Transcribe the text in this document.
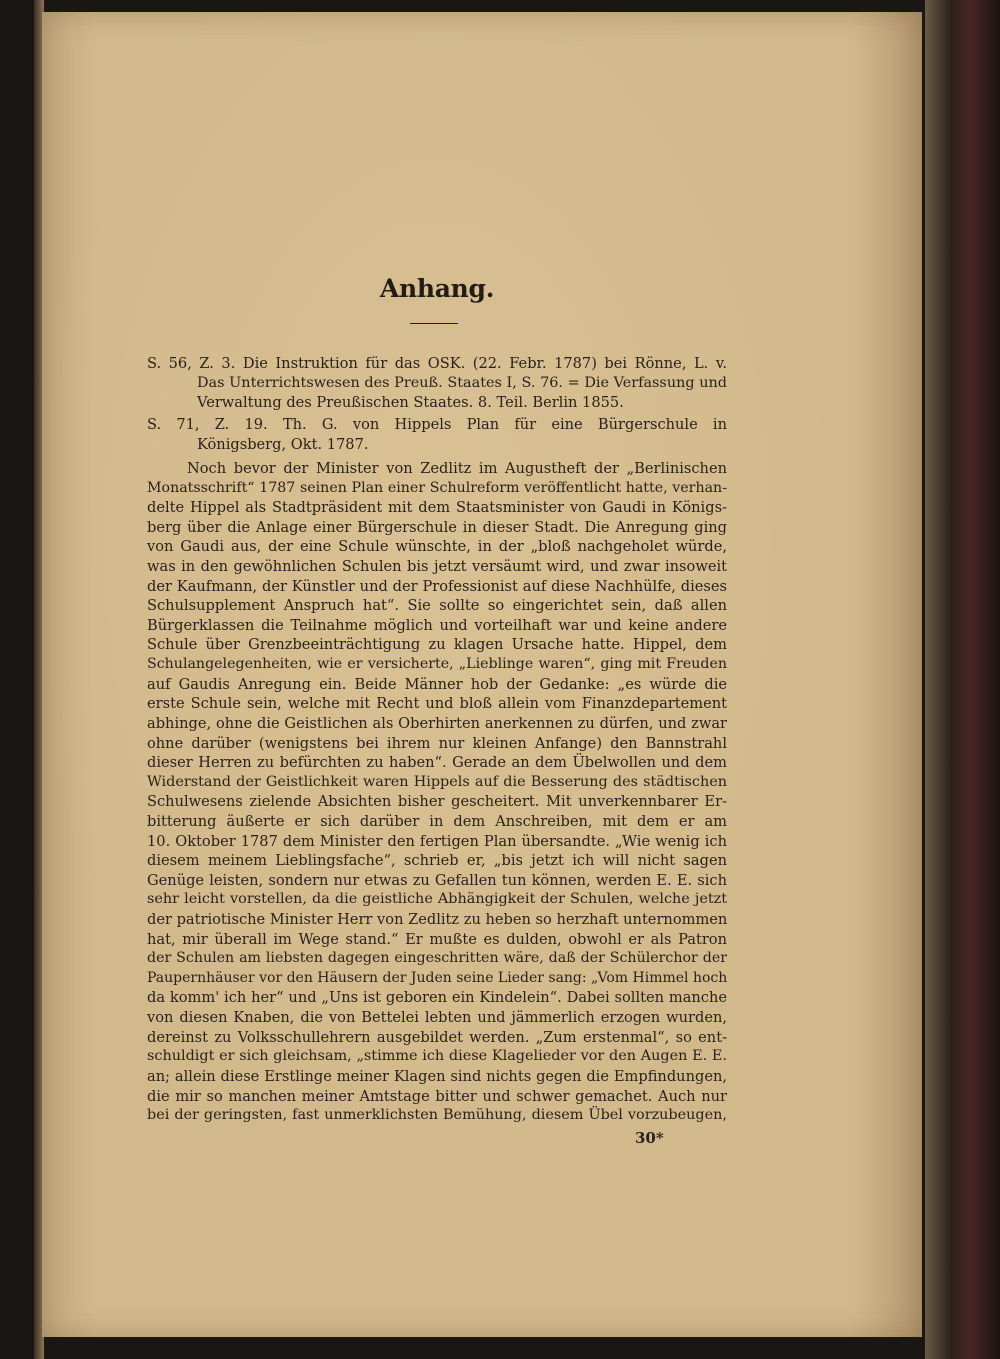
Anhang.
S. 56, Z. 3. Die Instruktion für das OSK. (22. Febr. 1787) bei Rönne, L. v.
Das Unterrichtswesen des Preuß. Staates I, S. 76. = Die Verfassung und
Verwaltung des Preußischen Staates. 8. Teil. Berlin 1855.
S. 71, Z. 19. Th. G. von Hippels Plan für eine Bürgerschule in
Königsberg, Okt. 1787.
Noch bevor der Minister von Zedlitz im Augustheft der „Berlinischen
Monatsschrift“ 1787 seinen Plan einer Schulreform veröffentlicht hatte, verhan-
delte Hippel als Stadtpräsident mit dem Staatsminister von Gaudi in Königs-
berg über die Anlage einer Bürgerschule in dieser Stadt. Die Anregung ging
von Gaudi aus, der eine Schule wünschte, in der „bloß nachgeholet würde,
was in den gewöhnlichen Schulen bis jetzt versäumt wird, und zwar insoweit
der Kaufmann, der Künstler und der Professionist auf diese Nachhülfe, dieses
Schulsupplement Anspruch hat“. Sie sollte so eingerichtet sein, daß allen
Bürgerklassen die Teilnahme möglich und vorteilhaft war und keine andere
Schule über Grenzbeeinträchtigung zu klagen Ursache hatte. Hippel, dem
Schulangelegenheiten, wie er versicherte, „Lieblinge waren“, ging mit Freuden
auf Gaudis Anregung ein. Beide Männer hob der Gedanke: „es würde die
erste Schule sein, welche mit Recht und bloß allein vom Finanzdepartement
abhinge, ohne die Geistlichen als Oberhirten anerkennen zu dürfen, und zwar
ohne darüber (wenigstens bei ihrem nur kleinen Anfange) den Bannstrahl
dieser Herren zu befürchten zu haben“. Gerade an dem Übelwollen und dem
Widerstand der Geistlichkeit waren Hippels auf die Besserung des städtischen
Schulwesens zielende Absichten bisher gescheitert. Mit unverkennbarer Er-
bitterung äußerte er sich darüber in dem Anschreiben, mit dem er am
10. Oktober 1787 dem Minister den fertigen Plan übersandte. „Wie wenig ich
diesem meinem Lieblingsfache“, schrieb er, „bis jetzt ich will nicht sagen
Genüge leisten, sondern nur etwas zu Gefallen tun können, werden E. E. sich
sehr leicht vorstellen, da die geistliche Abhängigkeit der Schulen, welche jetzt
der patriotische Minister Herr von Zedlitz zu heben so herzhaft unternommen
hat, mir überall im Wege stand.“ Er mußte es dulden, obwohl er als Patron
der Schulen am liebsten dagegen eingeschritten wäre, daß der Schülerchor der
Paupernhäuser vor den Häusern der Juden seine Lieder sang: „Vom Himmel hoch
da komm' ich her“ und „Uns ist geboren ein Kindelein“. Dabei sollten manche
von diesen Knaben, die von Bettelei lebten und jämmerlich erzogen wurden,
dereinst zu Volksschullehrern ausgebildet werden. „Zum erstenmal“, so ent-
schuldigt er sich gleichsam, „stimme ich diese Klagelieder vor den Augen E. E.
an; allein diese Erstlinge meiner Klagen sind nichts gegen die Empfindungen,
die mir so manchen meiner Amtstage bitter und schwer gemachet. Auch nur
bei der geringsten, fast unmerklichsten Bemühung, diesem Übel vorzubeugen,
30*
